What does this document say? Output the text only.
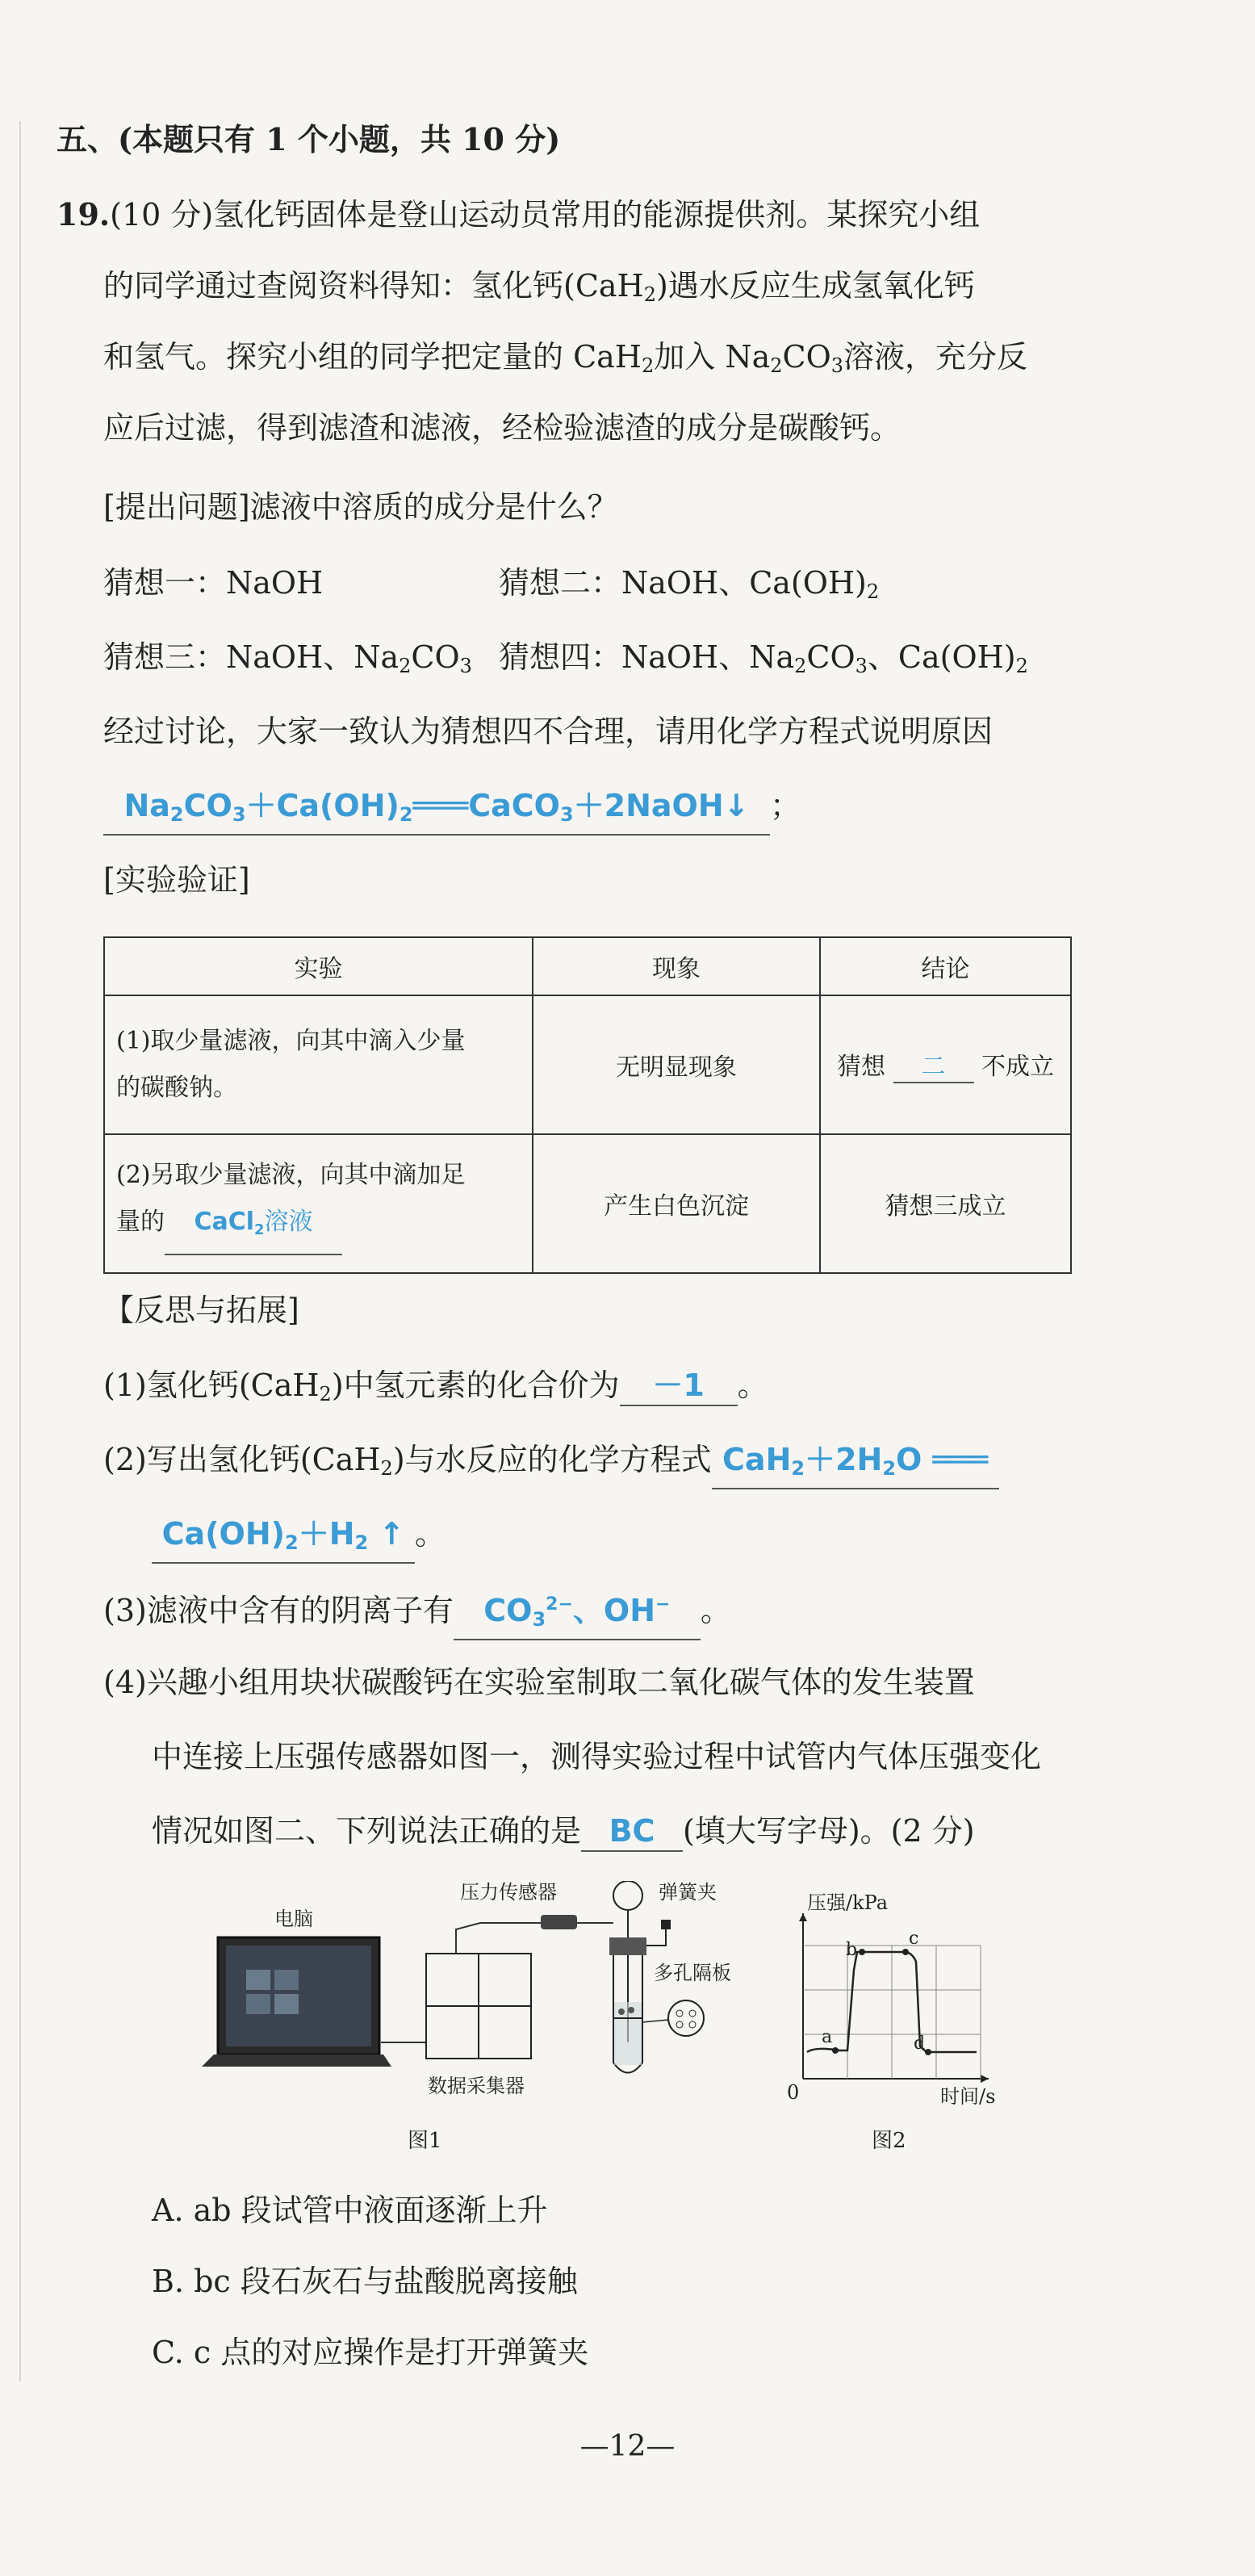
五、(本题只有 1 个小题，共 10 分)
19.(10 分)氢化钙固体是登山运动员常用的能源提供剂。某探究小组
的同学通过查阅资料得知：氢化钙(CaH$_2$)遇水反应生成氢氧化钙
和氢气。探究小组的同学把定量的 CaH$_2$加入 $Na_2CO_3$溶液，充分反
应后过滤，得到滤渣和滤液，经检验滤渣的成分是碳酸钙。
[提出问题]滤液中溶质的成分是什么？
猜想一：NaOH	猜想二：NaOH、$Ca(OH)_2$
猜想三：NaOH、$Na_2CO_3$ 猜想四：NaOH、$Na_2CO_3$、$Ca(OH)_2$
经过讨论，大家一致认为猜想四不合理，请用化学方程式说明原因
$Na_2CO_3+Ca(OH)_2═══CaCO_3+2NaOH↓$ ；
[实验验证]
实验	现象	结论

(1)取少量滤液，向其中滴入少量
的碳酸钠。	无明显现象	猜想 二 不成立

(2)另取少量滤液，向其中滴加足
量的 CaCl$_2$溶液	产生白色沉淀	猜想三成立
【反思与拓展]
(1)氢化钙(CaH$_2$)中氢元素的化合价为 －1 。
(2)写出氢化钙(CaH$_2$)与水反应的化学方程式 $CaH_2+2H_2O$ ═══
$Ca(OH)_2+H_2$ ↑ 。
(3)滤液中含有的阴离子有 $CO_3^{2-}$、OH− 。
(4)兴趣小组用块状碳酸钙在实验室制取二氧化碳气体的发生装置
中连接上压强传感器如图一，测得实验过程中试管内气体压强变化
情况如图二、下列说法正确的是 BC (填大写字母)。(2 分)
电脑
数据采集器
压力传感器	弹簧夹
多孔隔板
图1
a
b
c
d
压强/kPa
0	时间/s
图2
A. ab 段试管中液面逐渐上升
B. bc 段石灰石与盐酸脱离接触
C. c 点的对应操作是打开弹簧夹
—12—
